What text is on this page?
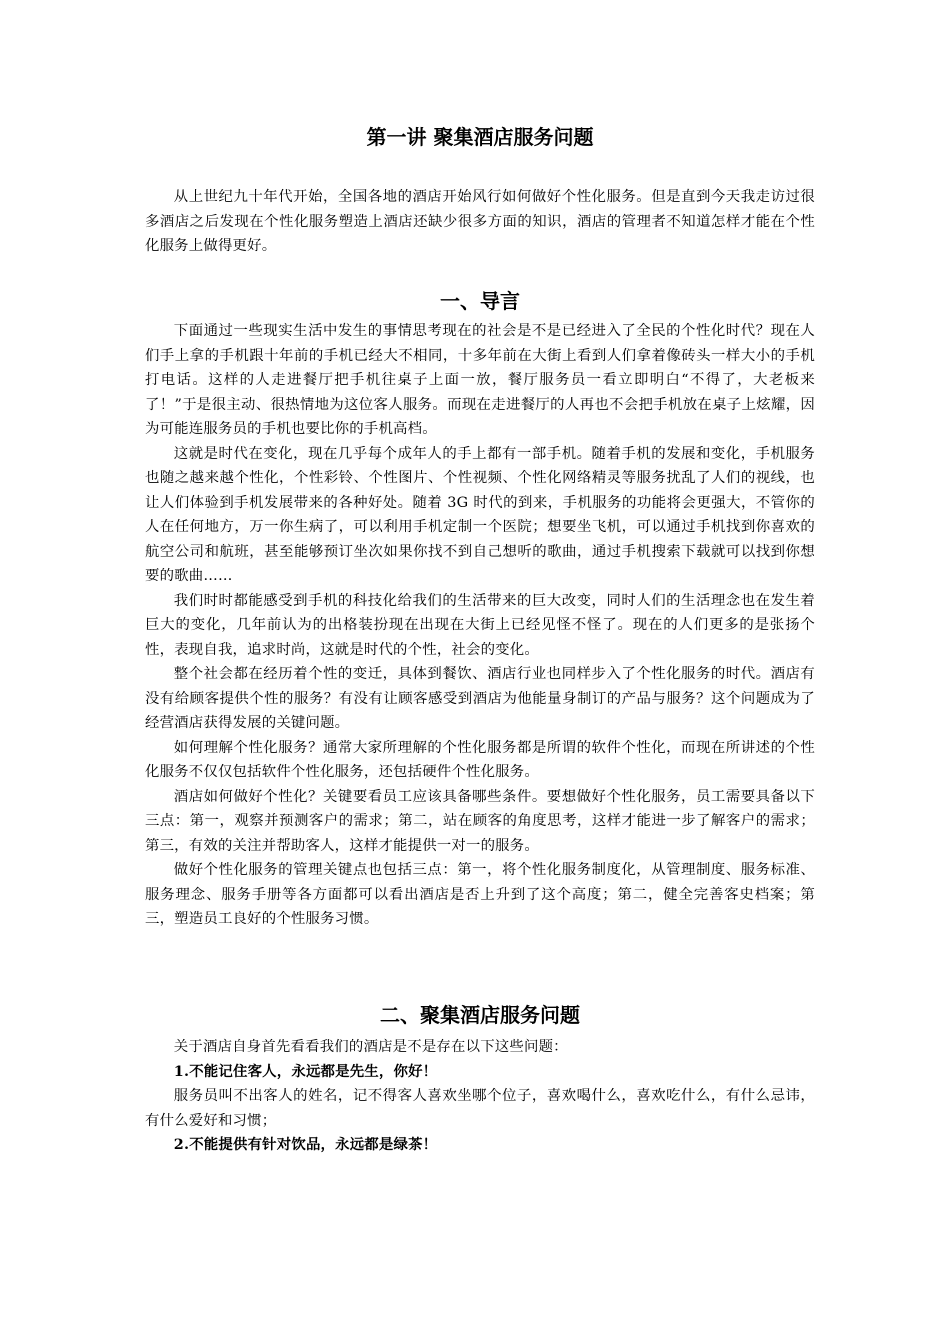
第一讲 聚集酒店服务问题

从上世纪九十年代开始，全国各地的酒店开始风行如何做好个性化服务。但是直到今天我走访过很多酒店之后发现在个性化服务塑造上酒店还缺少很多方面的知识，酒店的管理者不知道怎样才能在个性化服务上做得更好。

一、导言

下面通过一些现实生活中发生的事情思考现在的社会是不是已经进入了全民的个性化时代？现在人们手上拿的手机跟十年前的手机已经大不相同，十多年前在大街上看到人们拿着像砖头一样大小的手机打电话。这样的人走进餐厅把手机往桌子上面一放，餐厅服务员一看立即明白“不得了，大老板来了！”于是很主动、很热情地为这位客人服务。而现在走进餐厅的人再也不会把手机放在桌子上炫耀，因为可能连服务员的手机也要比你的手机高档。

这就是时代在变化，现在几乎每个成年人的手上都有一部手机。随着手机的发展和变化，手机服务也随之越来越个性化，个性彩铃、个性图片、个性视频、个性化网络精灵等服务扰乱了人们的视线，也让人们体验到手机发展带来的各种好处。随着 3G 时代的到来，手机服务的功能将会更强大，不管你的人在任何地方，万一你生病了，可以利用手机定制一个医院；想要坐飞机，可以通过手机找到你喜欢的航空公司和航班，甚至能够预订坐次如果你找不到自己想听的歌曲，通过手机搜索下载就可以找到你想要的歌曲……

我们时时都能感受到手机的科技化给我们的生活带来的巨大改变，同时人们的生活理念也在发生着巨大的变化，几年前认为的出格装扮现在出现在大街上已经见怪不怪了。现在的人们更多的是张扬个性，表现自我，追求时尚，这就是时代的个性，社会的变化。

整个社会都在经历着个性的变迁，具体到餐饮、酒店行业也同样步入了个性化服务的时代。酒店有没有给顾客提供个性的服务？有没有让顾客感受到酒店为他能量身制订的产品与服务？这个问题成为了经营酒店获得发展的关键问题。

如何理解个性化服务？通常大家所理解的个性化服务都是所谓的软件个性化，而现在所讲述的个性化服务不仅仅包括软件个性化服务，还包括硬件个性化服务。

酒店如何做好个性化？关键要看员工应该具备哪些条件。要想做好个性化服务，员工需要具备以下三点：第一，观察并预测客户的需求；第二，站在顾客的角度思考，这样才能进一步了解客户的需求；第三，有效的关注并帮助客人，这样才能提供一对一的服务。

做好个性化服务的管理关键点也包括三点：第一，将个性化服务制度化，从管理制度、服务标准、服务理念、服务手册等各方面都可以看出酒店是否上升到了这个高度；第二，健全完善客史档案；第三，塑造员工良好的个性服务习惯。

二、聚集酒店服务问题

关于酒店自身首先看看我们的酒店是不是存在以下这些问题：

1.不能记住客人，永远都是先生，你好！

服务员叫不出客人的姓名，记不得客人喜欢坐哪个位子，喜欢喝什么，喜欢吃什么，有什么忌讳，有什么爱好和习惯；

2.不能提供有针对饮品，永远都是绿茶！
